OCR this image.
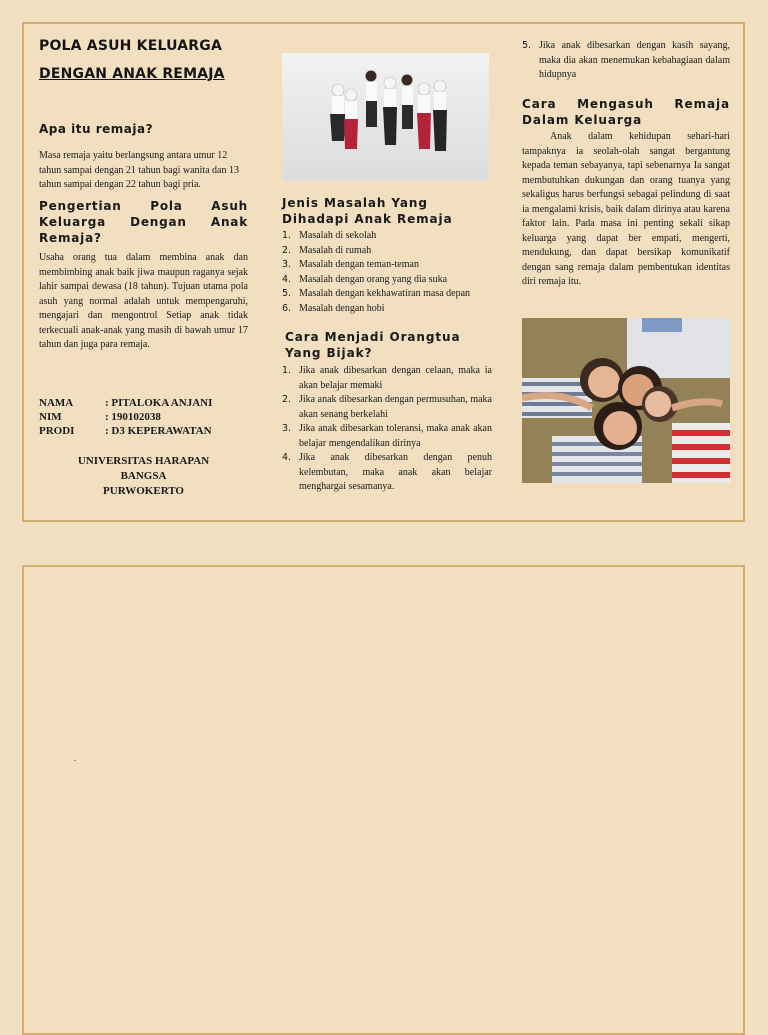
POLA ASUH KELUARGA
DENGAN ANAK REMAJA
Apa itu remaja?

Masa remaja yaitu berlangsung antara umur 12 tahun sampai dengan 21 tahun bagi wanita dan 13 tahun sampai dengan 22 tahun bagi pria.

Pengertian Pola Asuh Keluarga Dengan Anak Remaja?

Usaha orang tua dalam membina anak dan membimbing anak baik jiwa maupun raganya sejak lahir sampai dewasa (18 tahun). Tujuan utama pola asuh yang normal adalah untuk mempengaruhi, mengajari dan mengontrol Setiap anak tidak terkecuali anak-anak yang masih di bawah umur 17 tahun dan juga para remaja.

NAMA	: PITALOKA ANJANI
NIM	: 190102038
PRODI	: D3 KEPERAWATAN
UNIVERSITAS HARAPAN
BANGSA
PURWOKERTO
Jenis Masalah Yang Dihadapi Anak Remaja
1. Masalah di sekolah
2. Masalah di rumah
3. Masalah dengan teman-teman
4. Masalah dengan orang yang dia suka
5. Masalah dengan kekhawatiran masa depan
6. Masalah dengan hobi
Cara Menjadi Orangtua Yang Bijak?
1. Jika anak dibesarkan dengan celaan, maka ia akan belajar memaki
2. Jika anak dibesarkan dengan permusuhan, maka akan senang berkelahi
3. Jika anak dibesarkan toleransi, maka anak akan belajar mengendalikan dirinya
4. Jika anak dibesarkan dengan penuh kelembutan, maka anak akan belajar menghargai sesamanya.
5. Jika anak dibesarkan dengan kasih sayang, maka dia akan menemukan kebahagiaan dalam hidupnya
Cara Mengasuh Remaja Dalam Keluarga

Anak dalam kehidupan sehari-hari tampaknya ia seolah-olah sangat bergantung kepada teman sebayanya, tapi sebenarnya Ia sangat membutuhkan dukungan dan orang tuanya yang sekaligus harus berfungsi sebagai pelindung di saat ia mengalami krisis, baik dalam dirinya atau karena faktor lain. Pada masa ini penting sekali sikap keluarga yang dapat ber empati, mengerti, mendukung, dan dapat bersikap komunikatif dengan sang remaja dalam pembentukan identitas diri remaja itu.

.
